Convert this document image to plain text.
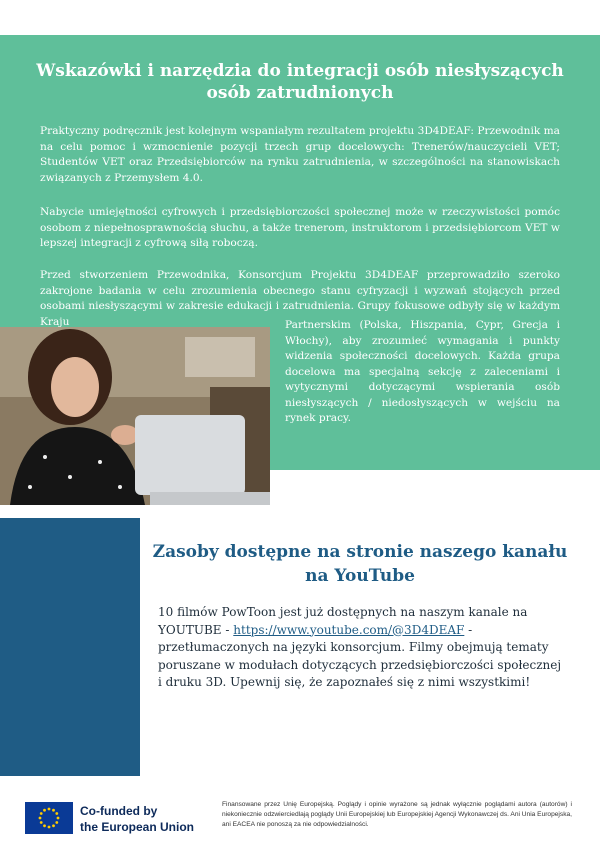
Wskazówki i narzędzia do integracji osób niesłyszących osób zatrudnionych
Praktyczny podręcznik jest kolejnym wspaniałym rezultatem projektu 3D4DEAF: Przewodnik ma na celu pomoc i wzmocnienie pozycji trzech grup docelowych: Trenerów/nauczycieli VET; Studentów VET oraz Przedsiębiorców na rynku zatrudnienia, w szczególności na stanowiskach związanych z Przemysłem 4.0.
Nabycie umiejętności cyfrowych i przedsiębiorczości społecznej może w rzeczywistości pomóc osobom z niepełnosprawnością słuchu, a także trenerom, instruktorom i przedsiębiorcom VET w lepszej integracji z cyfrową siłą roboczą.
Przed stworzeniem Przewodnika, Konsorcjum Projektu 3D4DEAF przeprowadziło szeroko zakrojone badania w celu zrozumienia obecnego stanu cyfryzacji i wyzwań stojących przed osobami niesłyszącymi w zakresie edukacji i zatrudnienia. Grupy fokusowe odbyły się w każdym Kraju	Partnerskim (Polska, Hiszpania, Cypr, Grecja i Włochy), aby zrozumieć wymagania i punkty widzenia społeczności docelowych. Każda grupa docelowa ma specjalną sekcję z zaleceniami i wytycznymi dotyczącymi wspierania osób niesłyszących / niedosłyszących w wejściu na rynek pracy.
Zasoby dostępne na stronie naszego kanału na YouTube
10 filmów PowToon jest już dostępnych na naszym kanale na YOUTUBE - https://www.youtube.com/@3D4DEAF - przetłumaczonych na języki konsorcjum. Filmy obejmują tematy poruszane w modułach dotyczących przedsiębiorczości społecznej i druku 3D. Upewnij się, że zapoznałeś się z nimi wszystkimi!
Co-funded by
the European Union
Finansowane przez Unię Europejską. Poglądy i opinie wyrażone są jednak wyłącznie poglądami autora (autorów) i niekoniecznie odzwierciedlają poglądy Unii Europejskiej lub Europejskiej Agencji Wykonawczej ds. Ani Unia Europejska, ani EACEA nie ponoszą za nie odpowiedzialności.
